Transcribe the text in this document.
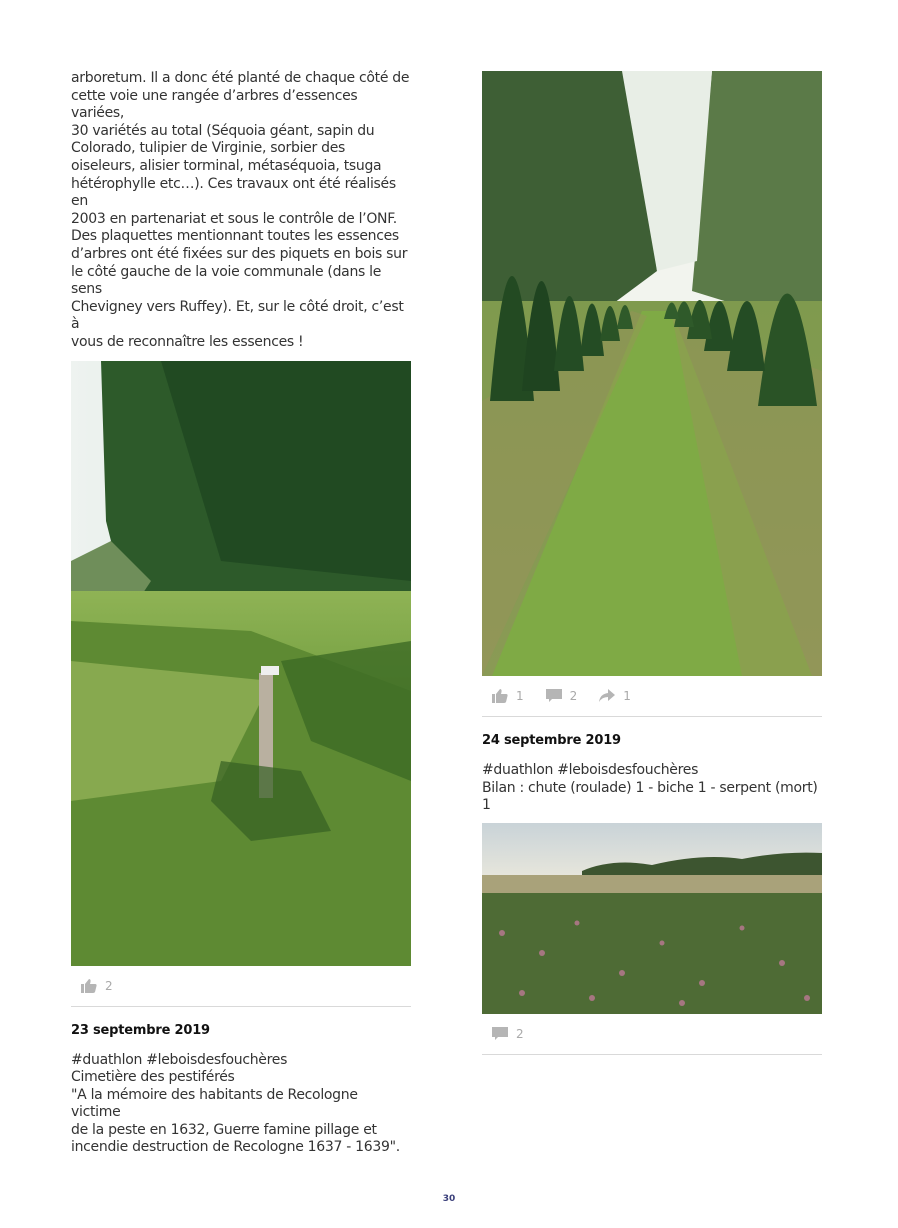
arboretum. Il a donc été planté de chaque côté de
cette voie une rangée d’arbres d’essences variées,
30 variétés au total (Séquoia géant, sapin du
Colorado, tulipier de Virginie, sorbier des
oiseleurs, alisier torminal, métaséquoia, tsuga
hétérophylle etc…). Ces travaux ont été réalisés en
2003 en partenariat et sous le contrôle de l’ONF.
Des plaquettes mentionnant toutes les essences
d’arbres ont été fixées sur des piquets en bois sur
le côté gauche de la voie communale (dans le sens
Chevigney vers Ruffey). Et, sur le côté droit, c’est à
vous de reconnaître les essences !

2
23 septembre 2019

#duathlon #leboisdesfouchères
Cimetière des pestiférés
"A la mémoire des habitants de Recologne victime
de la peste en 1632, Guerre famine pillage et
incendie destruction de Recologne 1637 - 1639".

1	2	1
24 septembre 2019

#duathlon #leboisdesfouchères
Bilan : chute (roulade) 1 - biche 1 - serpent (mort)
1

2
30
